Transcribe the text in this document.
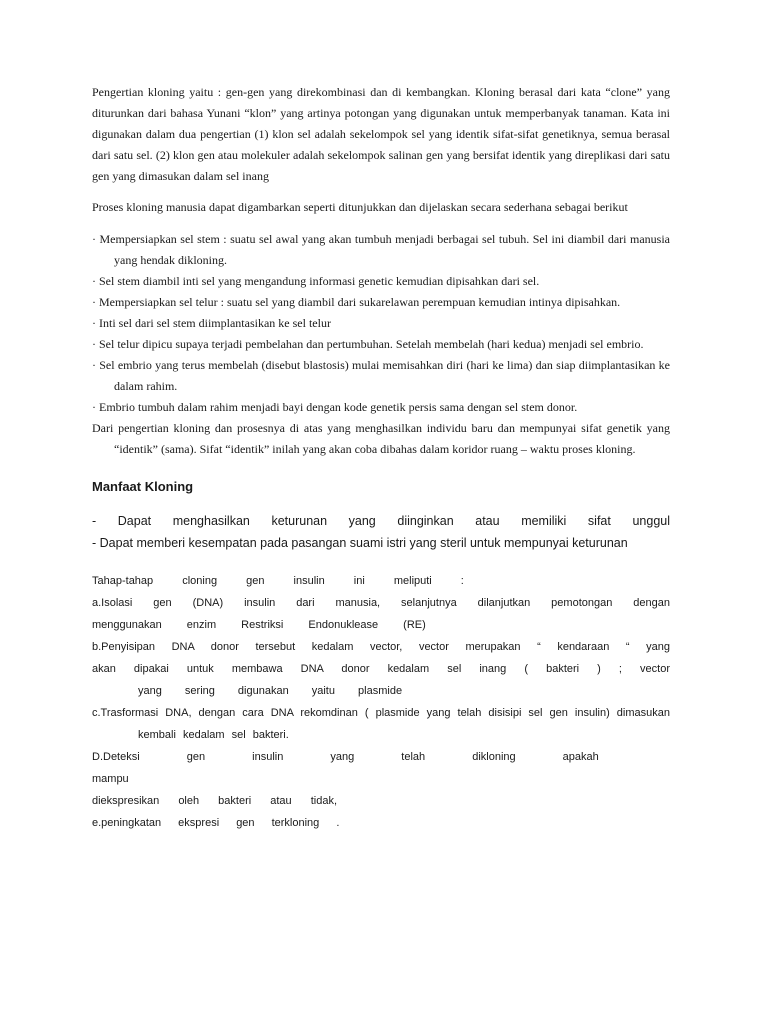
Pengertian kloning yaitu : gen-gen yang direkombinasi dan di kembangkan. Kloning berasal dari kata “clone” yang diturunkan dari bahasa Yunani “klon” yang artinya potongan yang digunakan untuk memperbanyak tanaman. Kata ini digunakan dalam dua pengertian (1) klon sel adalah sekelompok sel yang identik sifat-sifat genetiknya, semua berasal dari satu sel. (2) klon gen atau molekuler adalah sekelompok salinan gen yang bersifat identik yang direplikasi dari satu gen yang dimasukan dalam sel inang

Proses kloning manusia dapat digambarkan seperti ditunjukkan dan dijelaskan secara sederhana sebagai berikut

· Mempersiapkan sel stem : suatu sel awal yang akan tumbuh menjadi berbagai sel tubuh. Sel ini diambil dari manusia yang hendak dikloning.
· Sel stem diambil inti sel yang mengandung informasi genetic kemudian dipisahkan dari sel.
· Mempersiapkan sel telur : suatu sel yang diambil dari sukarelawan perempuan kemudian intinya dipisahkan.
· Inti sel dari sel stem diimplantasikan ke sel telur
· Sel telur dipicu supaya terjadi pembelahan dan pertumbuhan. Setelah membelah (hari kedua) menjadi sel embrio.
· Sel embrio yang terus membelah (disebut blastosis) mulai memisahkan diri (hari ke lima) dan siap diimplantasikan ke dalam rahim.
· Embrio tumbuh dalam rahim menjadi bayi dengan kode genetik persis sama dengan sel stem donor.

Dari pengertian kloning dan prosesnya di atas yang menghasilkan individu baru dan mempunyai sifat genetik yang “identik” (sama). Sifat “identik” inilah yang akan coba dibahas dalam koridor ruang – waktu proses kloning.

Manfaat Kloning

- Dapat menghasilkan keturunan yang diinginkan atau memiliki sifat unggul

- Dapat memberi kesempatan pada pasangan suami istri yang steril untuk mempunyai keturunan

Tahap-tahap cloning gen insulin ini meliputi :

a.Isolasi gen (DNA) insulin dari manusia, selanjutnya dilanjutkan pemotongan dengan

menggunakan enzim Restriksi Endonuklease (RE)

b.Penyisipan DNA donor tersebut kedalam vector, vector merupakan “ kendaraan “ yang

akan dipakai untuk membawa DNA donor kedalam sel inang ( bakteri ) ; vector

yang sering digunakan yaitu plasmide

c.Trasformasi DNA, dengan cara DNA rekomdinan ( plasmide yang telah disisipi sel gen insulin) dimasukan

kembali kedalam sel bakteri.

D.Deteksi gen insulin yang telah dikloning apakah mampu

diekspresikan oleh bakteri atau tidak,

e.peningkatan ekspresi gen terkloning .
